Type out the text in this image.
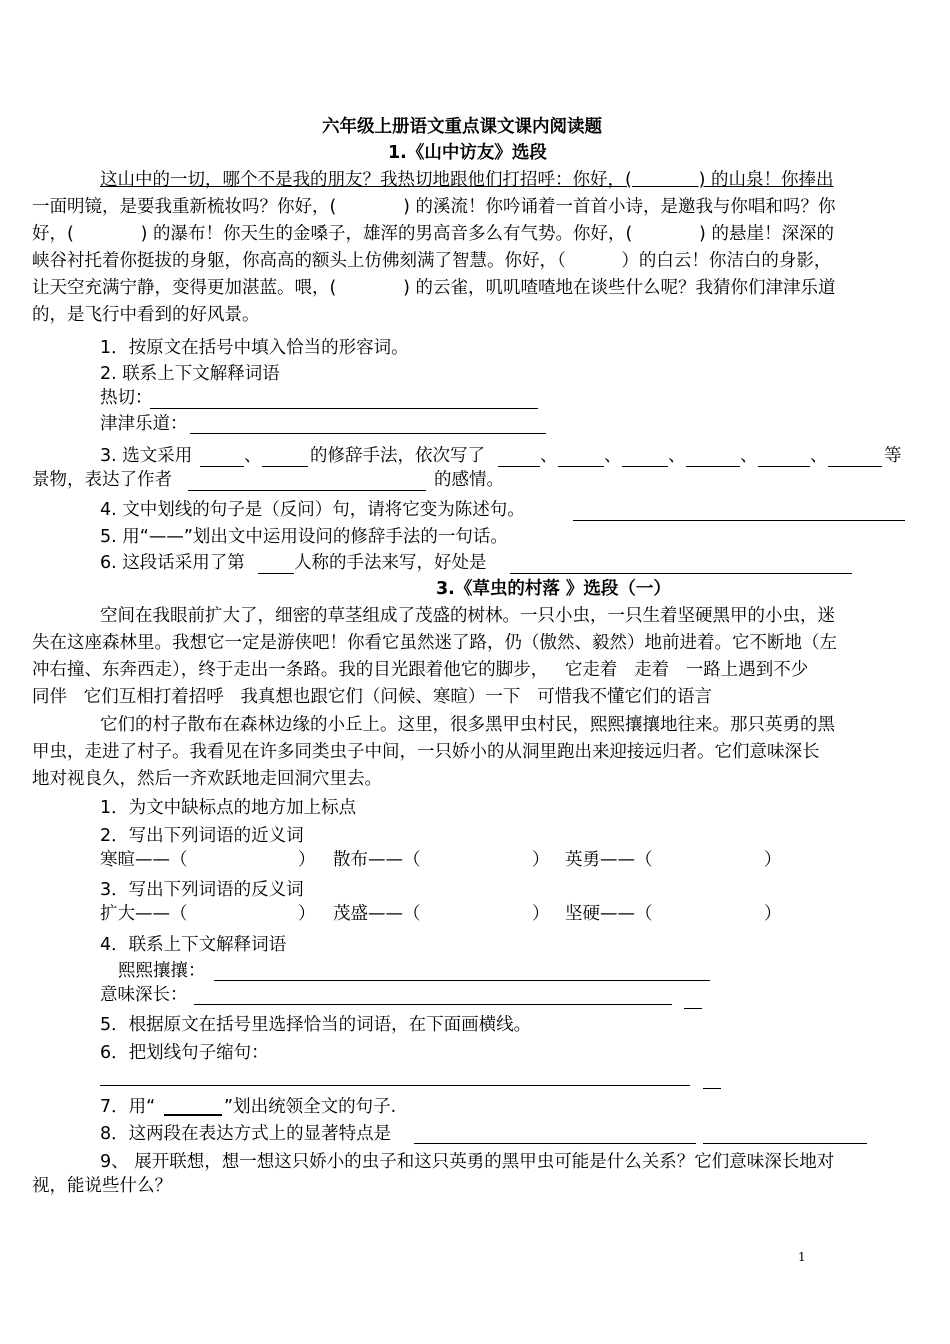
六年级上册语文重点课文课内阅读题
1.《山中访友》选段
这山中的一切，哪个不是我的朋友？我热切地跟他们打招呼：你好，(            ) 的山泉！你捧出
一面明镜，是要我重新梳妆吗？你好，(            ) 的溪流！你吟诵着一首首小诗，是邀我与你唱和吗？你
好，(            ) 的瀑布！你天生的金嗓子，雄浑的男高音多么有气势。你好，(            ) 的悬崖！深深的
峡谷衬托着你挺拔的身躯，你高高的额头上仿佛刻满了智慧。你好，（          ）的白云！你洁白的身影，
让天空充满宁静，变得更加湛蓝。喂，(            ) 的云雀，叽叽喳喳地在谈些什么呢？我猜你们津津乐道
的，是飞行中看到的好风景。
1．按原文在括号中填入恰当的形容词。
2. 联系上下文解释词语
热切：
津津乐道：
3. 选文采用	、	的修辞手法，依次写了	、	、	、	、	、	等
景物，表达了作者	的感情。
4. 文中划线的句子是（反问）句，请将它变为陈述句。
5. 用“——”划出文中运用设问的修辞手法的一句话。
6. 这段话采用了第	人称的手法来写，好处是
3.《草虫的村落 》选段（一）
空间在我眼前扩大了，细密的草茎组成了茂盛的树林。一只小虫，一只生着坚硬黑甲的小虫，迷
失在这座森林里。我想它一定是游侠吧！你看它虽然迷了路，仍（傲然、毅然）地前进着。它不断地（左
冲右撞、东奔西走），终于走出一条路。我的目光跟着他它的脚步，   它走着   走着   一路上遇到不少
同伴   它们互相打着招呼   我真想也跟它们（问候、寒暄）一下   可惜我不懂它们的语言
它们的村子散布在森林边缘的小丘上。这里，很多黑甲虫村民，熙熙攘攘地往来。那只英勇的黑
甲虫，走进了村子。我看见在许多同类虫子中间，一只娇小的从洞里跑出来迎接远归者。它们意味深长
地对视良久，然后一齐欢跃地走回洞穴里去。
1．为文中缺标点的地方加上标点
2．写出下列词语的近义词
寒暄——（	） 散布——（	） 英勇——（	）
3．写出下列词语的反义词
扩大——（	） 茂盛——（	） 坚硬——（	）
4．联系上下文解释词语
熙熙攘攘：
意味深长：
5．根据原文在括号里选择恰当的词语，在下面画横线。
6．把划线句子缩句：
7．用“	”划出统领全文的句子.
8．这两段在表达方式上的显著特点是
9、 展开联想，想一想这只娇小的虫子和这只英勇的黑甲虫可能是什么关系？它们意味深长地对
视，能说些什么？
1
